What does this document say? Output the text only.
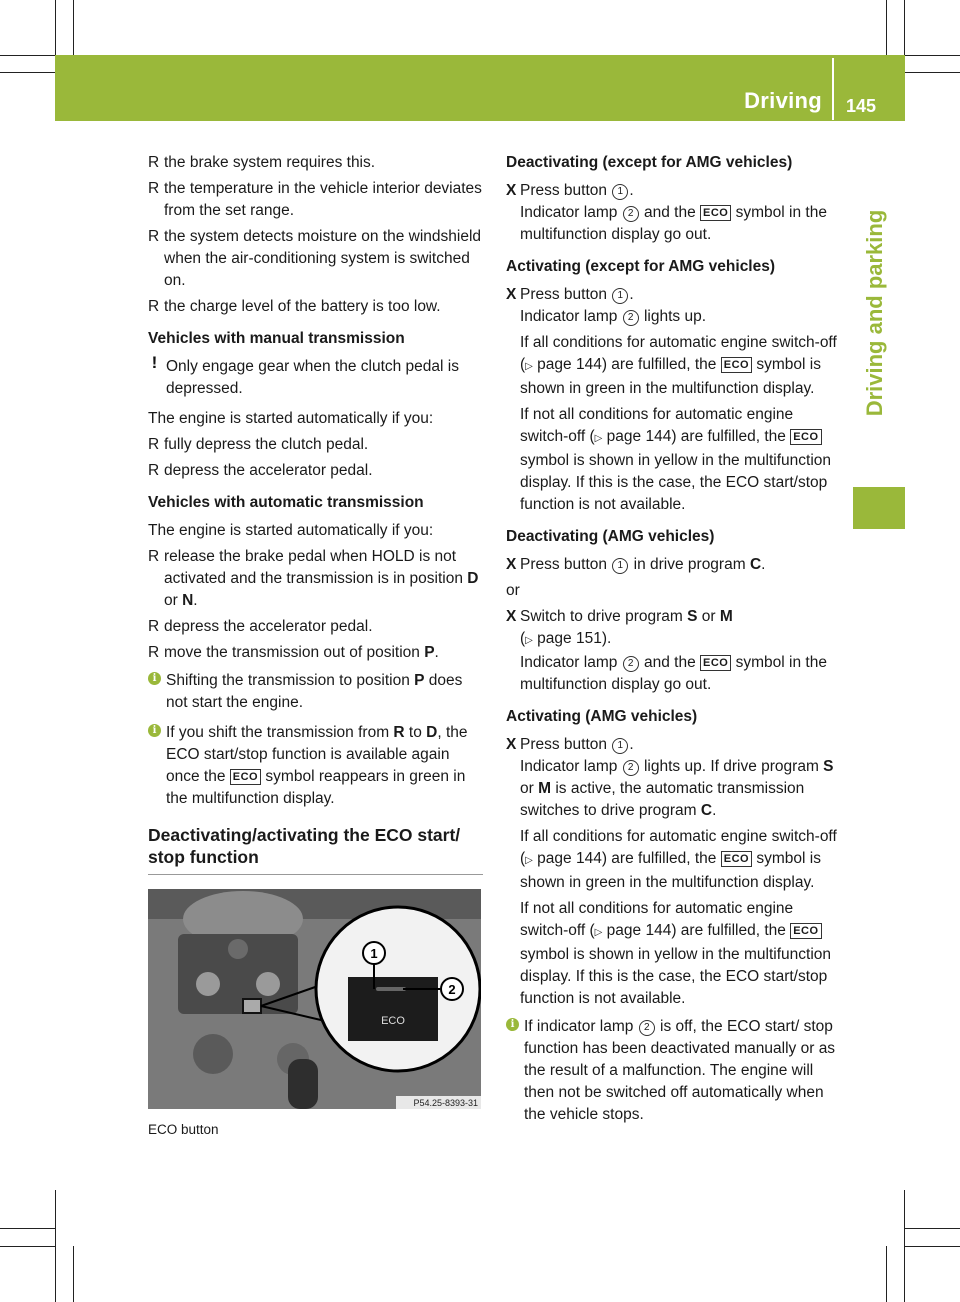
Driving 145
Driving and parking
R the brake system requires this.
R the temperature in the vehicle interior deviates from the set range.
R the system detects moisture on the windshield when the air-conditioning system is switched on.
R the charge level of the battery is too low.
Vehicles with manual transmission
! Only engage gear when the clutch pedal is depressed.
The engine is started automatically if you:
R fully depress the clutch pedal.
R depress the accelerator pedal.
Vehicles with automatic transmission
The engine is started automatically if you:
R release the brake pedal when HOLD is not activated and the transmission is in position D or N.
R depress the accelerator pedal.
R move the transmission out of position P.
i Shifting the transmission to position P does not start the engine.
i If you shift the transmission from R to D, the ECO start/stop function is available again once the ECO symbol reappears in green in the multifunction display.
Deactivating/activating the ECO start/ stop function
1
2
ECO
P54.25-8393-31
ECO button
Deactivating (except for AMG vehicles)
X Press button 1 .
Indicator lamp 2 and the ECO symbol in the multifunction display go out.
Activating (except for AMG vehicles)
X Press button 1 .
Indicator lamp 2 lights up.
If all conditions for automatic engine switch-off (▷ page 144) are fulfilled, the ECO symbol is shown in green in the multifunction display.
If not all conditions for automatic engine switch-off (▷ page 144) are fulfilled, the ECO symbol is shown in yellow in the multifunction display. If this is the case, the ECO start/stop function is not available.
Deactivating (AMG vehicles)
X Press button 1 in drive program C.
or
X Switch to drive program S or M
(▷ page 151).
Indicator lamp 2 and the ECO symbol in the multifunction display go out.
Activating (AMG vehicles)
X Press button 1 .
Indicator lamp 2 lights up. If drive program S or M is active, the automatic transmission switches to drive program C.
If all conditions for automatic engine switch-off (▷ page 144) are fulfilled, the ECO symbol is shown in green in the multifunction display.
If not all conditions for automatic engine switch-off (▷ page 144) are fulfilled, the ECO symbol is shown in yellow in the multifunction display. If this is the case, the ECO start/stop function is not available.
i If indicator lamp 2 is off, the ECO start/ stop function has been deactivated manually or as the result of a malfunction. The engine will then not be switched off automatically when the vehicle stops.
